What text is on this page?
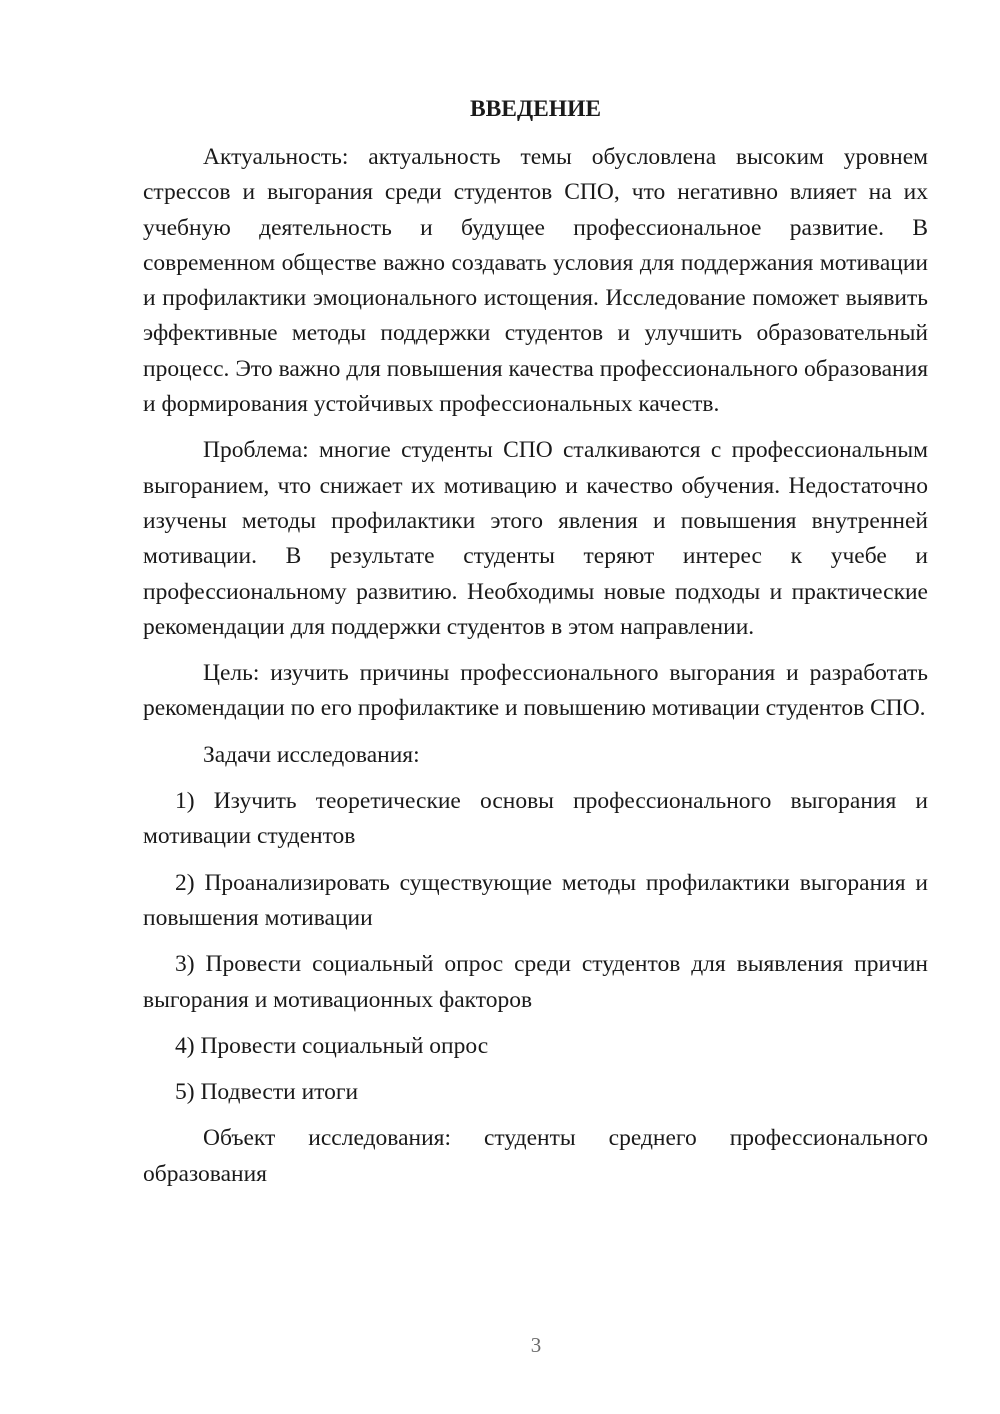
ВВЕДЕНИЕ

Актуальность: актуальность темы обусловлена высоким уровнем стрессов и выгорания среди студентов СПО, что негативно влияет на их учебную деятельность и будущее профессиональное развитие. В современном обществе важно создавать условия для поддержания мотивации и профилактики эмоционального истощения. Исследование поможет выявить эффективные методы поддержки студентов и улучшить образовательный процесс. Это важно для повышения качества профессионального образования и формирования устойчивых профессиональных качеств.

Проблема: многие студенты СПО сталкиваются с профессиональным выгоранием, что снижает их мотивацию и качество обучения. Недостаточно изучены методы профилактики этого явления и повышения внутренней мотивации. В результате студенты теряют интерес к учебе и профессиональному развитию. Необходимы новые подходы и практические рекомендации для поддержки студентов в этом направлении.

Цель: изучить причины профессионального выгорания и разработать рекомендации по его профилактике и повышению мотивации студентов СПО.

Задачи исследования:

1) Изучить теоретические основы профессионального выгорания и мотивации студентов

2) Проанализировать существующие методы профилактики выгорания и повышения мотивации

3) Провести социальный опрос среди студентов для выявления причин выгорания и мотивационных факторов

4) Провести социальный опрос

5) Подвести итоги

Объект исследования: студенты среднего профессионального образования

3
